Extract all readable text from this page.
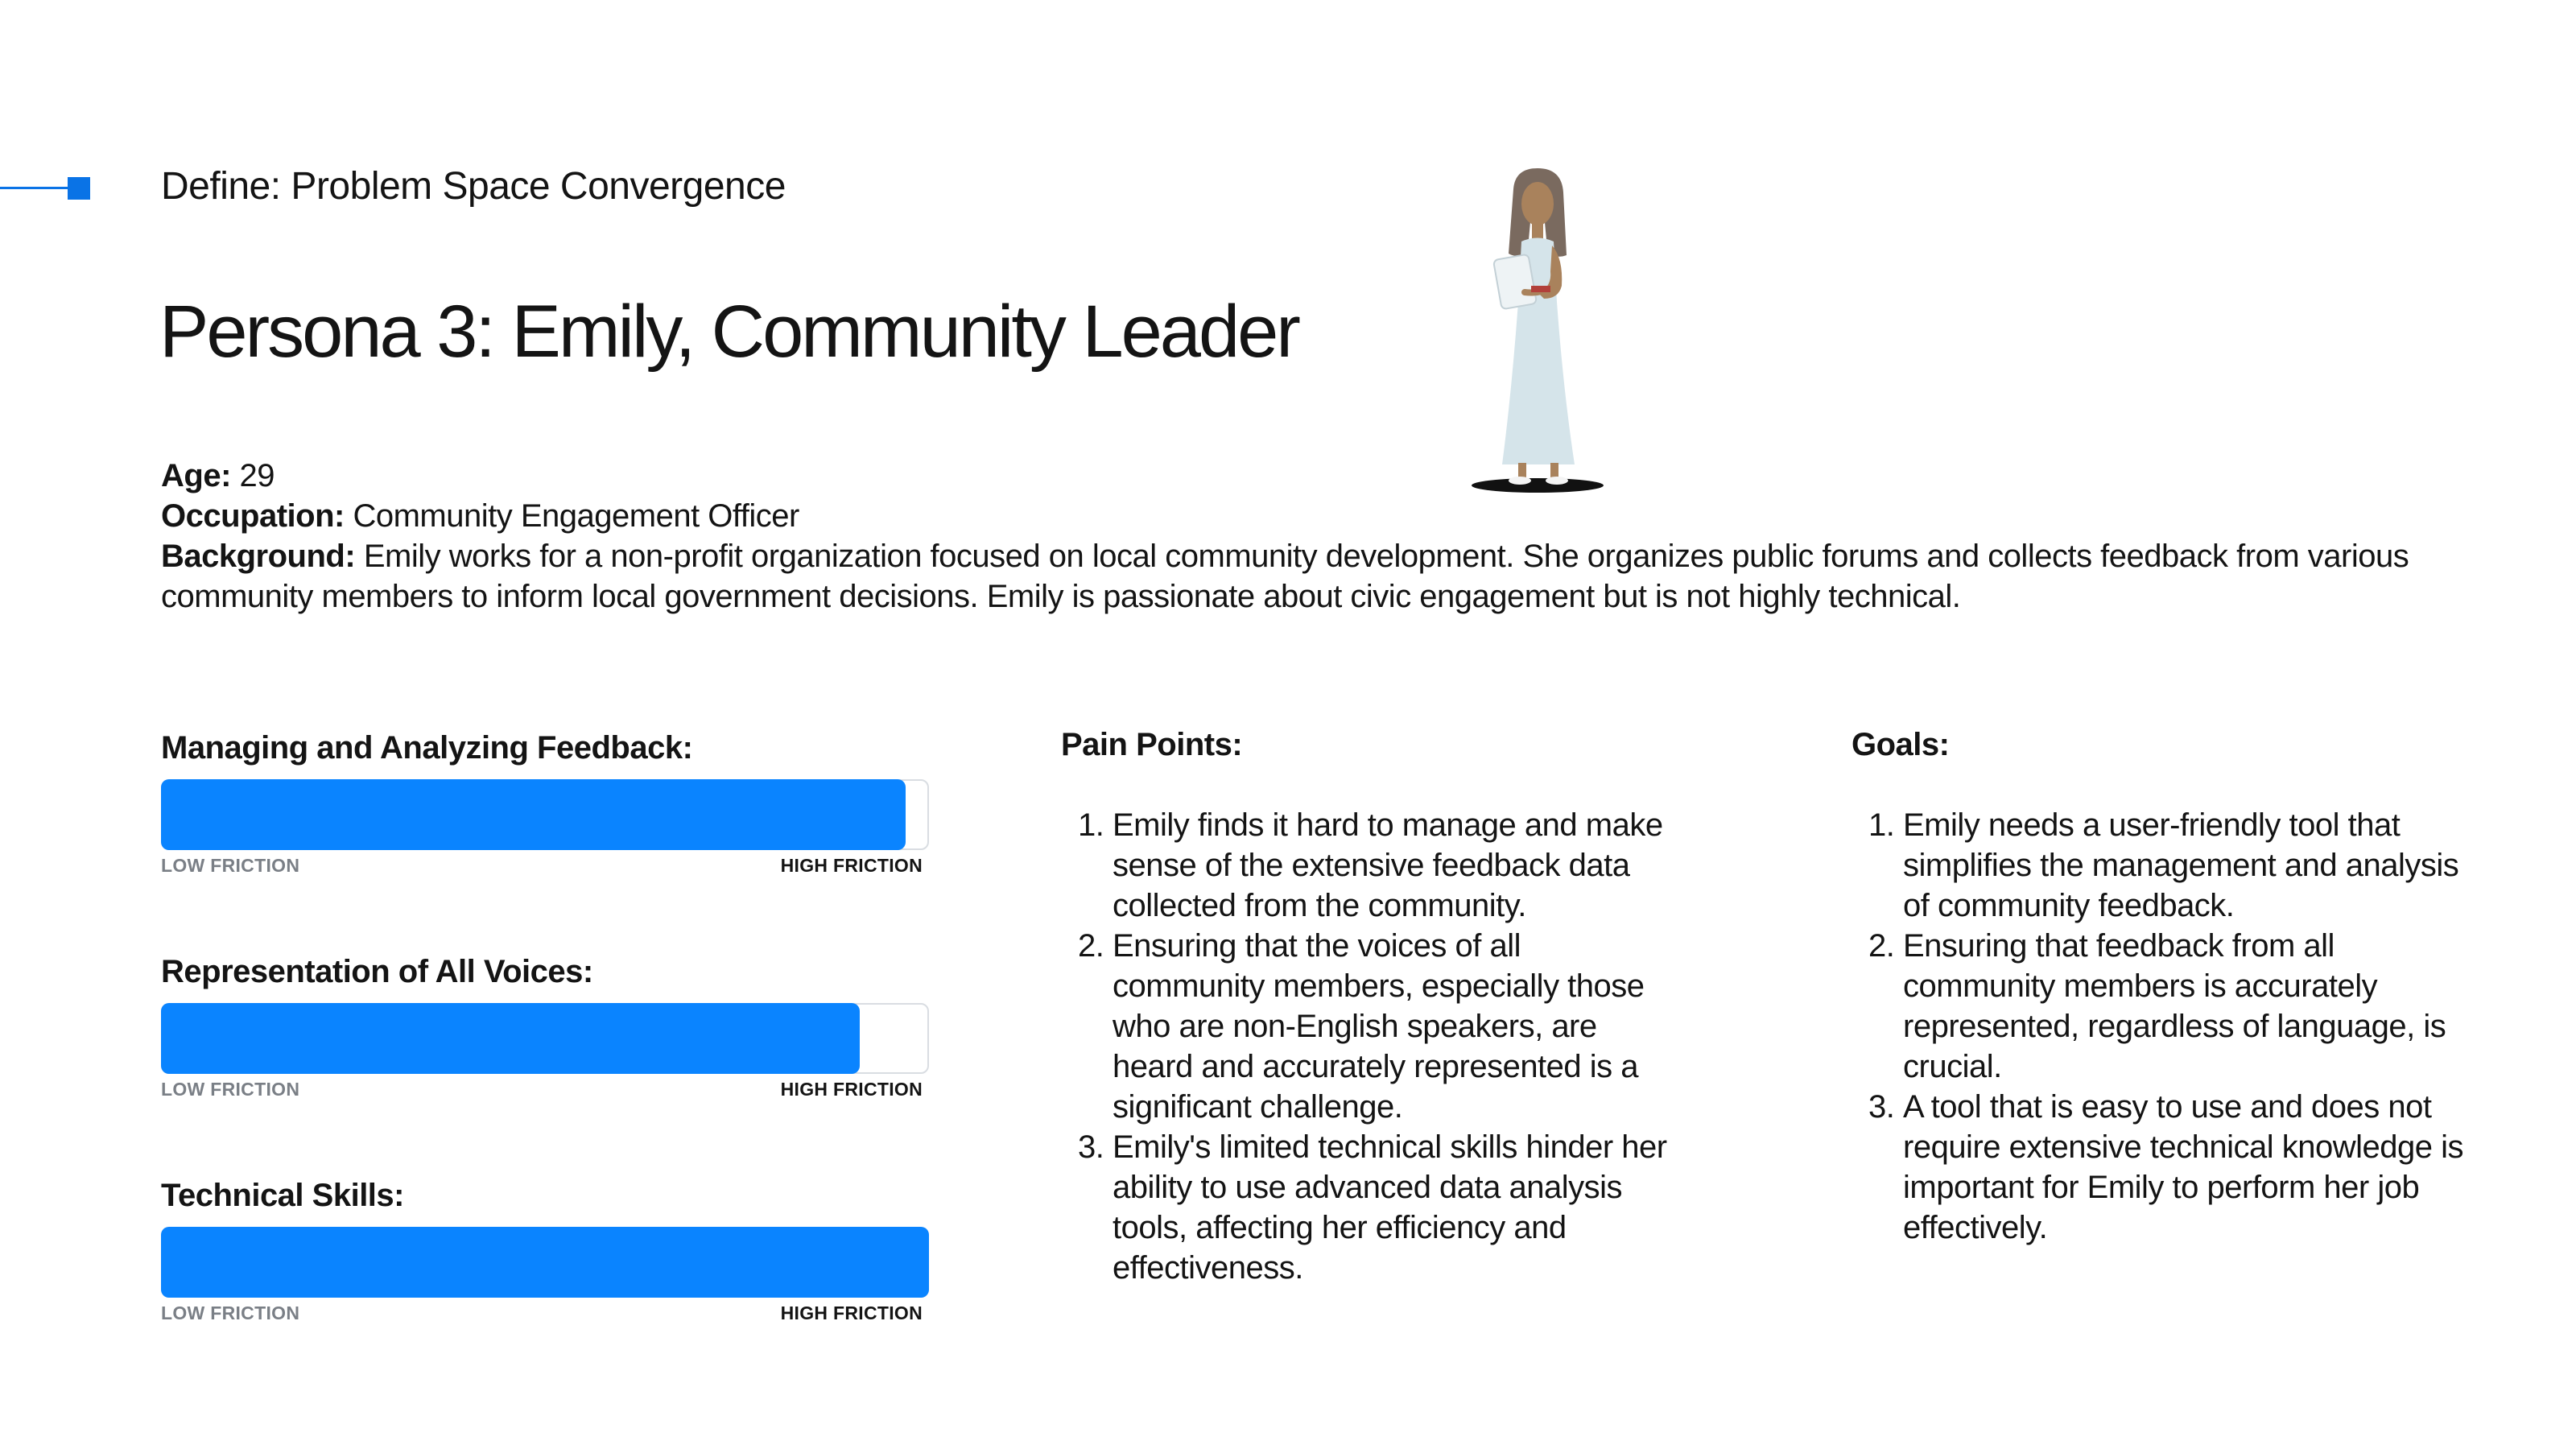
Define: Problem Space Convergence
Persona 3: Emily, Community Leader
Age: 29
Occupation: Community Engagement Officer
Background: Emily works for a non-profit organization focused on local community development. She organizes public forums and collects feedback from various community members to inform local government decisions. Emily is passionate about civic engagement but is not highly technical.
Managing and Analyzing Feedback:
LOW FRICTION	HIGH FRICTION
Representation of All Voices:
LOW FRICTION	HIGH FRICTION
Technical Skills:
LOW FRICTION	HIGH FRICTION
Pain Points:
1. Emily finds it hard to manage and make sense of the extensive feedback data collected from the community.
2. Ensuring that the voices of all community members, especially those who are non-English speakers, are heard and accurately represented is a significant challenge.
3. Emily's limited technical skills hinder her ability to use advanced data analysis tools, affecting her efficiency and effectiveness.
Goals:
1. Emily needs a user-friendly tool that simplifies the management and analysis of community feedback.
2. Ensuring that feedback from all community members is accurately represented, regardless of language, is crucial.
3. A tool that is easy to use and does not require extensive technical knowledge is important for Emily to perform her job effectively.
